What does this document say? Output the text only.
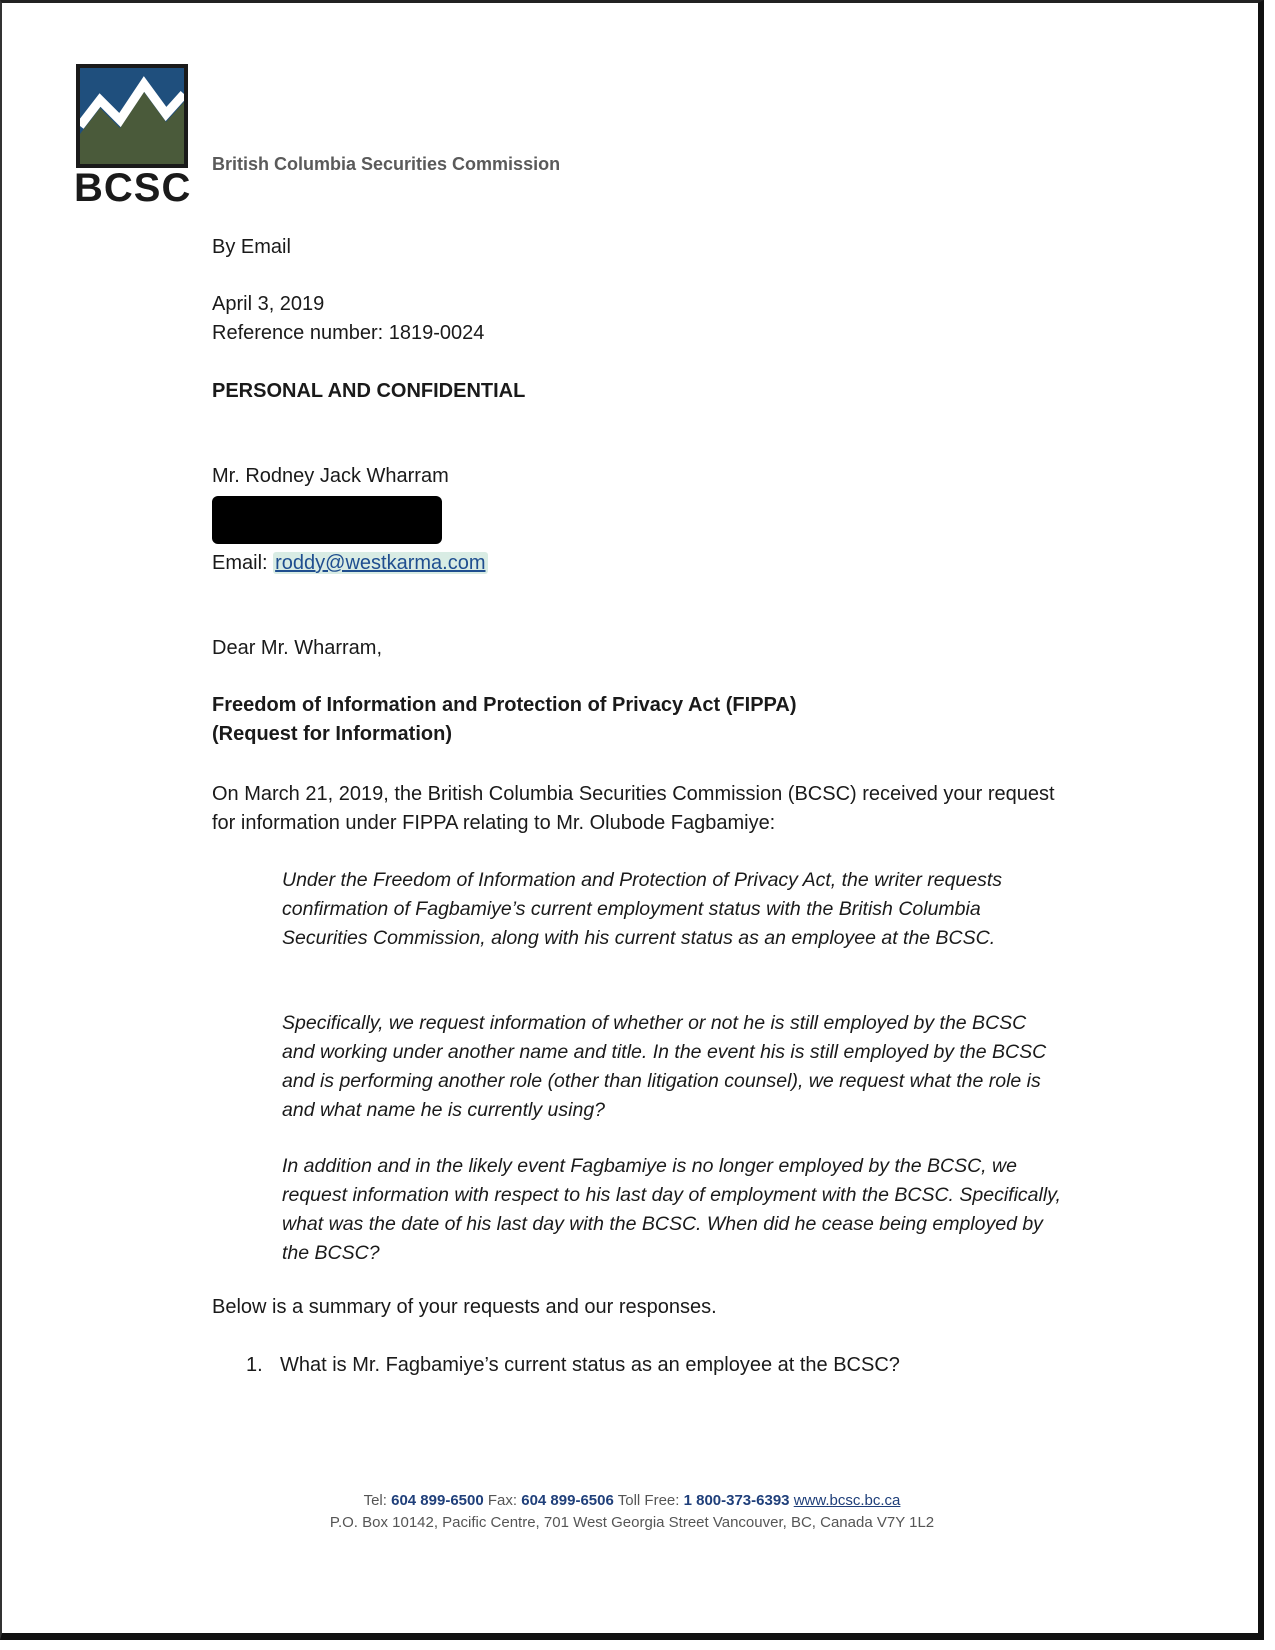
BCSC
British Columbia Securities Commission
By Email
April 3, 2019
Reference number: 1819-0024
PERSONAL AND CONFIDENTIAL
Mr. Rodney Jack Wharram
Email: roddy@westkarma.com
Dear Mr. Wharram,
Freedom of Information and Protection of Privacy Act (FIPPA)
(Request for Information)
On March 21, 2019, the British Columbia Securities Commission (BCSC) received your request for information under FIPPA relating to Mr. Olubode Fagbamiye:
Under the Freedom of Information and Protection of Privacy Act, the writer requests confirmation of Fagbamiye’s current employment status with the British Columbia Securities Commission, along with his current status as an employee at the BCSC.
Specifically, we request information of whether or not he is still employed by the BCSC and working under another name and title. In the event his is still employed by the BCSC and is performing another role (other than litigation counsel), we request what the role is and what name he is currently using?
In addition and in the likely event Fagbamiye is no longer employed by the BCSC, we request information with respect to his last day of employment with the BCSC. Specifically, what was the date of his last day with the BCSC. When did he cease being employed by the BCSC?
Below is a summary of your requests and our responses.
1. What is Mr. Fagbamiye’s current status as an employee at the BCSC?
Tel: 604 899-6500 Fax: 604 899-6506 Toll Free: 1 800-373-6393 www.bcsc.bc.ca
P.O. Box 10142, Pacific Centre, 701 West Georgia Street Vancouver, BC, Canada V7Y 1L2
